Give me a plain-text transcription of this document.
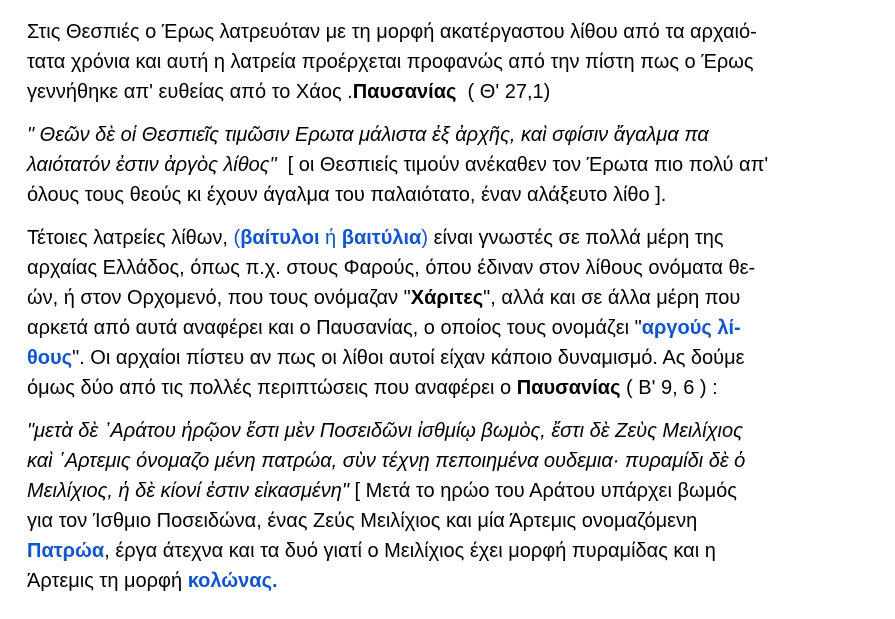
Στις Θεσπιές ο Έρως λατρευόταν με τη μορφή ακατέργαστου λίθου από τα αρχαιό-
τατα χρόνια και αυτή η λατρεία προέρχεται προφανώς από την πίστη πως ο Έρως
γεννήθηκε απ' ευθείας από το Χάος .Παυσανίας  ( Θ' 27,1)
" Θεῶν δὲ οἱ Θεσπιεῖς τιμῶσιν Ερωτα μάλιστα ἐξ ἀρχῆς, καὶ σφίσιν ἄγαλμα πα
λαιότατόν ἐστιν ἀργὸς λίθος"  [ οι Θεσπιείς τιμούν ανέκαθεν τον Έρωτα πιο πολύ απ'
όλους τους θεούς κι έχουν άγαλμα του παλαιότατο, έναν αλάξευτο λίθο ].
Τέτοιες λατρείες λίθων, (βαίτυλοι ή βαιτύλια) είναι γνωστές σε πολλά μέρη της
αρχαίας Ελλάδος, όπως π.χ. στους Φαρούς, όπου έδιναν στον λίθους ονόματα θε-
ών, ή στον Ορχομενό, που τους ονόμαζαν "Χάριτες", αλλά και σε άλλα μέρη που
αρκετά από αυτά αναφέρει και ο Παυσανίας, ο οποίος τους ονομάζει "αργούς λί-
θους". Οι αρχαίοι πίστευ αν πως οι λίθοι αυτοί είχαν κάποιο δυναμισμό. Ας δούμε
όμως δύο από τις πολλές περιπτώσεις που αναφέρει ο Παυσανίας ( Β' 9, 6 ) :
"μετὰ δὲ ᾿Αράτου ἡρῷον ἔστι μὲν Ποσειδῶνι ἰσθμίῳ βωμὸς, ἔστι δὲ Ζεὺς Μειλίχιος
καὶ ῾Αρτεμις όνομαζο μένη πατρώα, σὺν τέχνῃ πεποιημένα ουδεμια· πυραμίδι δὲ ὁ
Μειλίχιος, ἡ δὲ κίονί ἐστιν εἰκασμένη" [ Μετά το ηρώο του Αράτου υπάρχει βωμός
για τον Ίσθμιο Ποσειδώνα, ένας Ζεύς Μειλίχιος και μία Άρτεμις ονομαζόμενη
Πατρώα, έργα άτεχνα και τα δυό γιατί ο Μειλίχιος έχει μορφή πυραμίδας και η
Άρτεμις τη μορφή κολώνας.
